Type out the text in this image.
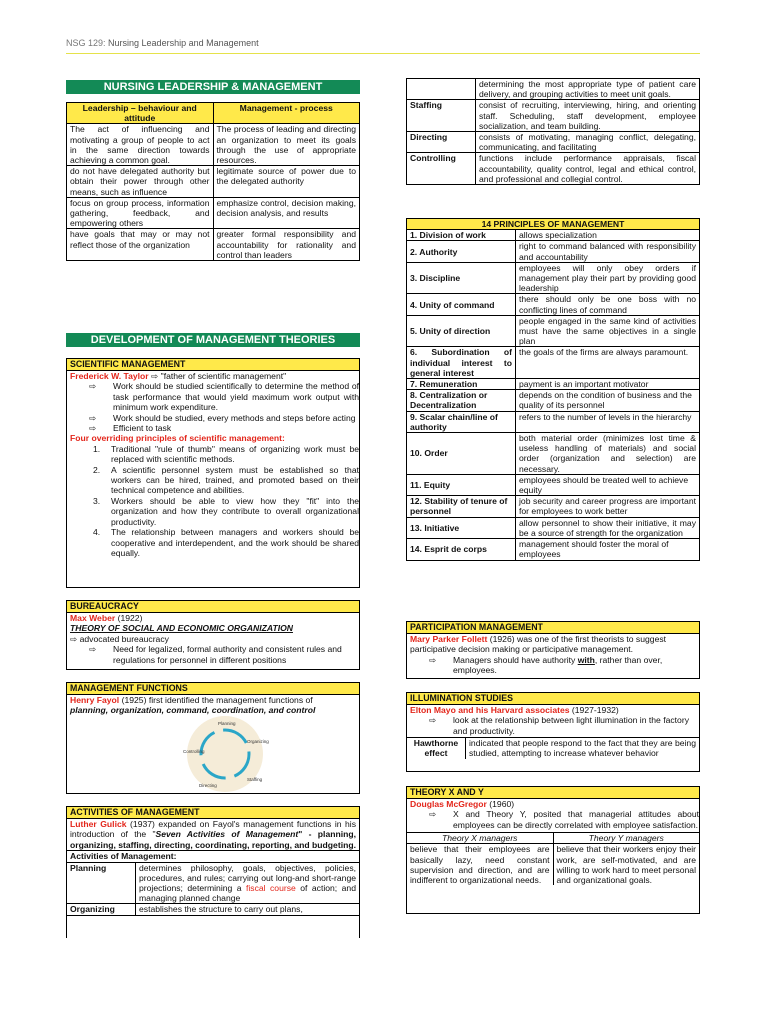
NSG 129: Nursing Leadership and Management
NURSING LEADERSHIP & MANAGEMENT
Leadership – behaviour and attitude	Management - process
The act of influencing and motivating a group of people to act in the same direction towards achieving a common goal.	The process of leading and directing an organization to meet its goals through the use of appropriate resources.
do not have delegated authority but obtain their power through other means, such as influence	legitimate source of power due to the delegated authority
focus on group process, information gathering, feedback, and empowering others	emphasize control, decision making, decision analysis, and results
have goals that may or may not reflect those of the organization	greater formal responsibility and accountability for rationality and control than leaders
DEVELOPMENT OF MANAGEMENT THEORIES
SCIENTIFIC MANAGEMENT
Frederick W. Taylor ⇨ "father of scientific management"
⇨ Work should be studied scientifically to determine the method of task performance that would yield maximum work output with minimum work expenditure.
⇨ Work should be studied, every methods and steps before acting
⇨ Efficient to task
Four overriding principles of scientific management:
1. Traditional "rule of thumb" means of organizing work must be replaced with scientific methods.
2. A scientific personnel system must be established so that workers can be hired, trained, and promoted based on their technical competence and abilities.
3. Workers should be able to view how they "fit" into the organization and how they contribute to overall organizational productivity.
4. The relationship between managers and workers should be cooperative and interdependent, and the work should be shared equally.
BUREAUCRACY
Max Weber (1922)
THEORY OF SOCIAL AND ECONOMIC ORGANIZATION
⇨ advocated bureaucracy
⇨ Need for legalized, formal authority and consistent rules and regulations for personnel in different positions
MANAGEMENT FUNCTIONS
Henry Fayol (1925) first identified the management functions of
planning, organization, command, coordination, and control
Planning
Organizing
Staffing
Directing
Controlling
ACTIVITIES OF MANAGEMENT
Luther Gulick (1937) expanded on Fayol's management functions in his introduction of the "Seven Activities of Management" - planning, organizing, staffing, directing, coordinating, reporting, and budgeting.
Activities of Management:
Planning	determines philosophy, goals, objectives, policies, procedures, and rules; carrying out long-and short-range projections; determining a fiscal course of action; and managing planned change
Organizing	establishes the structure to carry out plans,
	determining the most appropriate type of patient care delivery, and grouping activities to meet unit goals.
Staffing	consist of recruiting, interviewing, hiring, and orienting staff. Scheduling, staff development, employee socialization, and team building.
Directing	consists of motivating, managing conflict, delegating, communicating, and facilitating
Controlling	functions include performance appraisals, fiscal accountability, quality control, legal and ethical control, and professional and collegial control.
14 PRINCIPLES OF MANAGEMENT	
1. Division of work	allows specialization
2. Authority	right to command balanced with responsibility and accountability
3. Discipline	employees will only obey orders if management play their part by providing good leadership
4. Unity of command	there should only be one boss with no conflicting lines of command
5. Unity of direction	people engaged in the same kind of activities must have the same objectives in a single plan
6. Subordination of individual interest to general interest	the goals of the firms are always paramount.
7. Remuneration	payment is an important motivator
8. Centralization or Decentralization	depends on the condition of business and the quality of its personnel
9. Scalar chain/line of authority	refers to the number of levels in the hierarchy
10. Order	both material order (minimizes lost time & useless handling of materials) and social order (organization and selection) are necessary.
11. Equity	employees should be treated well to achieve equity
12. Stability of tenure of personnel	job security and career progress are important for employees to work better
13. Initiative	allow personnel to show their initiative, it may be a source of strength for the organization
14. Esprit de corps	management should foster the moral of employees
PARTICIPATION MANAGEMENT
Mary Parker Follett (1926) was one of the first theorists to suggest participative decision making or participative management.
⇨ Managers should have authority with, rather than over, employees.
ILLUMINATION STUDIES
Elton Mayo and his Harvard associates (1927-1932)
⇨ look at the relationship between light illumination in the factory and productivity.
Hawthorne effect	indicated that people respond to the fact that they are being studied, attempting to increase whatever behavior
THEORY X AND Y
Douglas McGregor (1960)
⇨ X and Theory Y, posited that managerial attitudes about employees can be directly correlated with employee satisfaction.
Theory X managers	Theory Y managers
believe that their employees are basically lazy, need constant supervision and direction, and are indifferent to organizational needs.	believe that their workers enjoy their work, are self-motivated, and are willing to work hard to meet personal and organizational goals.
